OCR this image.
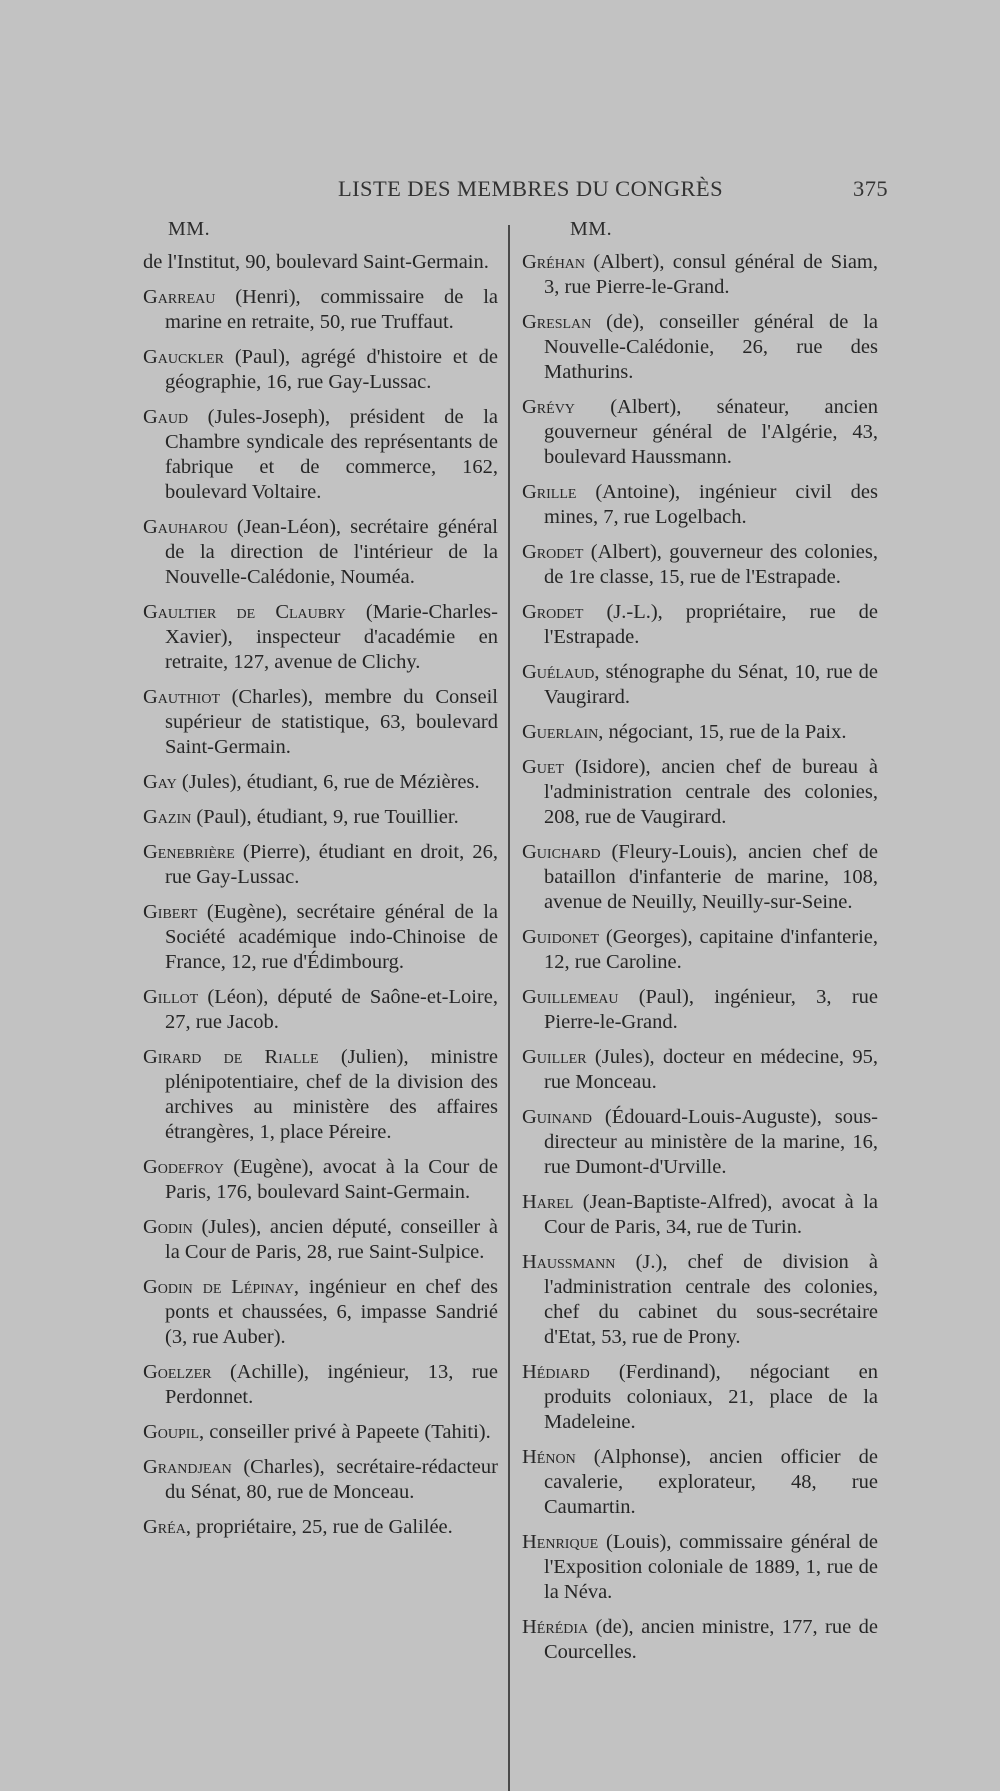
LISTE DES MEMBRES DU CONGRÈS	375
MM.	MM.
de l'Institut, 90, boulevard Saint-Germain.
Garreau (Henri), commissaire de la marine en retraite, 50, rue Truffaut.
Gauckler (Paul), agrégé d'histoire et de géographie, 16, rue Gay-Lussac.
Gaud (Jules-Joseph), président de la Chambre syndicale des représentants de fabrique et de commerce, 162, boulevard Voltaire.
Gauharou (Jean-Léon), secrétaire général de la direction de l'intérieur de la Nouvelle-Calédonie, Nouméa.
Gaultier de Claubry (Marie-Charles-Xavier), inspecteur d'académie en retraite, 127, avenue de Clichy.
Gauthiot (Charles), membre du Conseil supérieur de statistique, 63, boulevard Saint-Germain.
Gay (Jules), étudiant, 6, rue de Mézières.
Gazin (Paul), étudiant, 9, rue Touillier.
Genebrière (Pierre), étudiant en droit, 26, rue Gay-Lussac.
Gibert (Eugène), secrétaire général de la Société académique indo-Chinoise de France, 12, rue d'Édimbourg.
Gillot (Léon), député de Saône-et-Loire, 27, rue Jacob.
Girard de Rialle (Julien), ministre plénipotentiaire, chef de la division des archives au ministère des affaires étrangères, 1, place Péreire.
Godefroy (Eugène), avocat à la Cour de Paris, 176, boulevard Saint-Germain.
Godin (Jules), ancien député, conseiller à la Cour de Paris, 28, rue Saint-Sulpice.
Godin de Lépinay, ingénieur en chef des ponts et chaussées, 6, impasse Sandrié (3, rue Auber).
Goelzer (Achille), ingénieur, 13, rue Perdonnet.
Goupil, conseiller privé à Papeete (Tahiti).
Grandjean (Charles), secrétaire-rédacteur du Sénat, 80, rue de Monceau.
Gréa, propriétaire, 25, rue de Galilée.
Gréhan (Albert), consul général de Siam, 3, rue Pierre-le-Grand.
Greslan (de), conseiller général de la Nouvelle-Calédonie, 26, rue des Mathurins.
Grévy (Albert), sénateur, ancien gouverneur général de l'Algérie, 43, boulevard Haussmann.
Grille (Antoine), ingénieur civil des mines, 7, rue Logelbach.
Grodet (Albert), gouverneur des colonies, de 1re classe, 15, rue de l'Estrapade.
Grodet (J.-L.), propriétaire, rue de l'Estrapade.
Guélaud, sténographe du Sénat, 10, rue de Vaugirard.
Guerlain, négociant, 15, rue de la Paix.
Guet (Isidore), ancien chef de bureau à l'administration centrale des colonies, 208, rue de Vaugirard.
Guichard (Fleury-Louis), ancien chef de bataillon d'infanterie de marine, 108, avenue de Neuilly, Neuilly-sur-Seine.
Guidonet (Georges), capitaine d'infanterie, 12, rue Caroline.
Guillemeau (Paul), ingénieur, 3, rue Pierre-le-Grand.
Guiller (Jules), docteur en médecine, 95, rue Monceau.
Guinand (Édouard-Louis-Auguste), sous-directeur au ministère de la marine, 16, rue Dumont-d'Urville.
Harel (Jean-Baptiste-Alfred), avocat à la Cour de Paris, 34, rue de Turin.
Haussmann (J.), chef de division à l'administration centrale des colonies, chef du cabinet du sous-secrétaire d'Etat, 53, rue de Prony.
Hédiard (Ferdinand), négociant en produits coloniaux, 21, place de la Madeleine.
Hénon (Alphonse), ancien officier de cavalerie, explorateur, 48, rue Caumartin.
Henrique (Louis), commissaire général de l'Exposition coloniale de 1889, 1, rue de la Néva.
Hérédia (de), ancien ministre, 177, rue de Courcelles.
